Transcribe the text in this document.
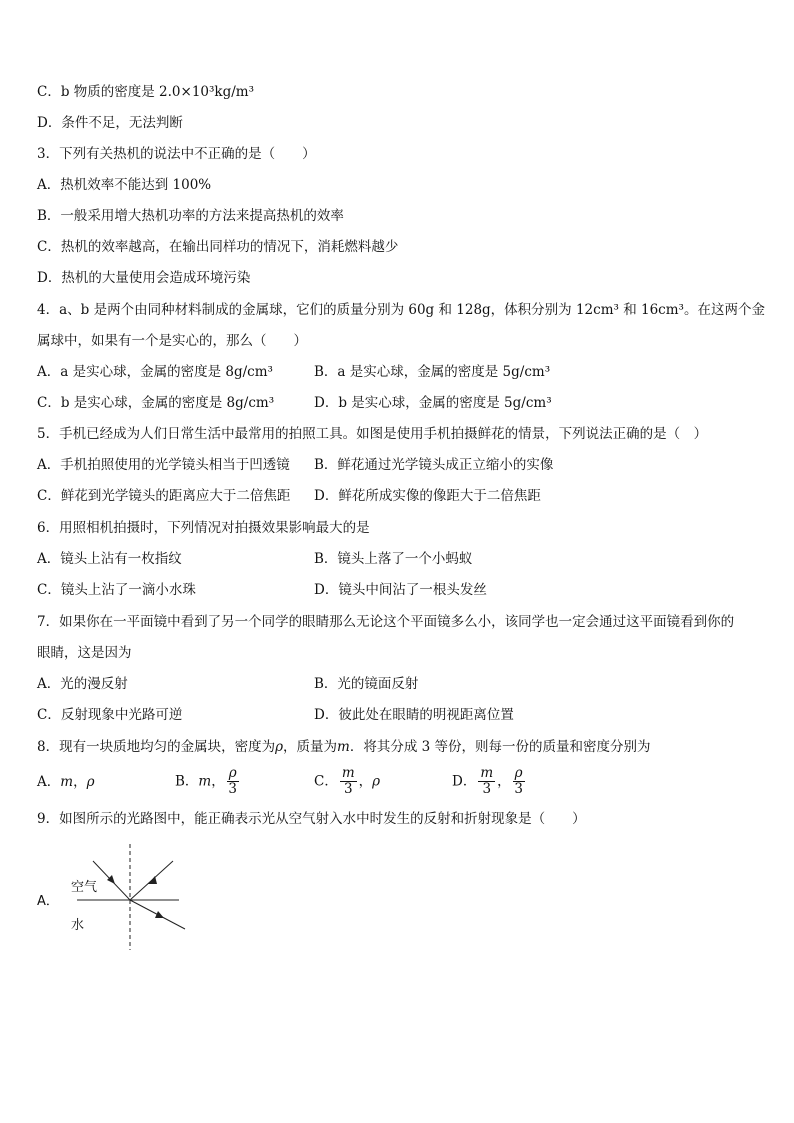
C．b 物质的密度是 2.0×10³kg/m³
D．条件不足，无法判断
3．下列有关热机的说法中不正确的是（　　）
A．热机效率不能达到 100%
B．一般采用增大热机功率的方法来提高热机的效率
C．热机的效率越高，在输出同样功的情况下，消耗燃料越少
D．热机的大量使用会造成环境污染
4．a、b 是两个由同种材料制成的金属球，它们的质量分别为 60g 和 128g，体积分别为 12cm³ 和 16cm³。在这两个金
属球中，如果有一个是实心的，那么（　　）
A．a 是实心球，金属的密度是 8g/cm³	B．a 是实心球，金属的密度是 5g/cm³
C．b 是实心球，金属的密度是 8g/cm³	D．b 是实心球，金属的密度是 5g/cm³
5．手机已经成为人们日常生活中最常用的拍照工具。如图是使用手机拍摄鲜花的情景，下列说法正确的是（　）
A．手机拍照使用的光学镜头相当于凹透镜 B．鲜花通过光学镜头成正立缩小的实像
C．鲜花到光学镜头的距离应大于二倍焦距 D．鲜花所成实像的像距大于二倍焦距
6．用照相机拍摄时，下列情况对拍摄效果影响最大的是
A．镜头上沾有一枚指纹	B．镜头上落了一个小蚂蚁
C．镜头上沾了一滴小水珠	D．镜头中间沾了一根头发丝
7．如果你在一平面镜中看到了另一个同学的眼睛那么无论这个平面镜多么小，该同学也一定会通过这平面镜看到你的
眼睛，这是因为
A．光的漫反射	B．光的镜面反射
C．反射现象中光路可逆	D．彼此处在眼睛的明视距离位置
8．现有一块质地均匀的金属块，密度为ρ，质量为m．将其分成 3 等份，则每一份的质量和密度分别为
A．m，ρ	B．m， $\frac{\rho}{3}$	C． $\frac{m}{3}$ ，ρ	D． $\frac{m}{3}$ ， $\frac{\rho}{3}$
9．如图所示的光路图中，能正确表示光从空气射入水中时发生的反射和折射现象是（　　）
A．
空气
水
